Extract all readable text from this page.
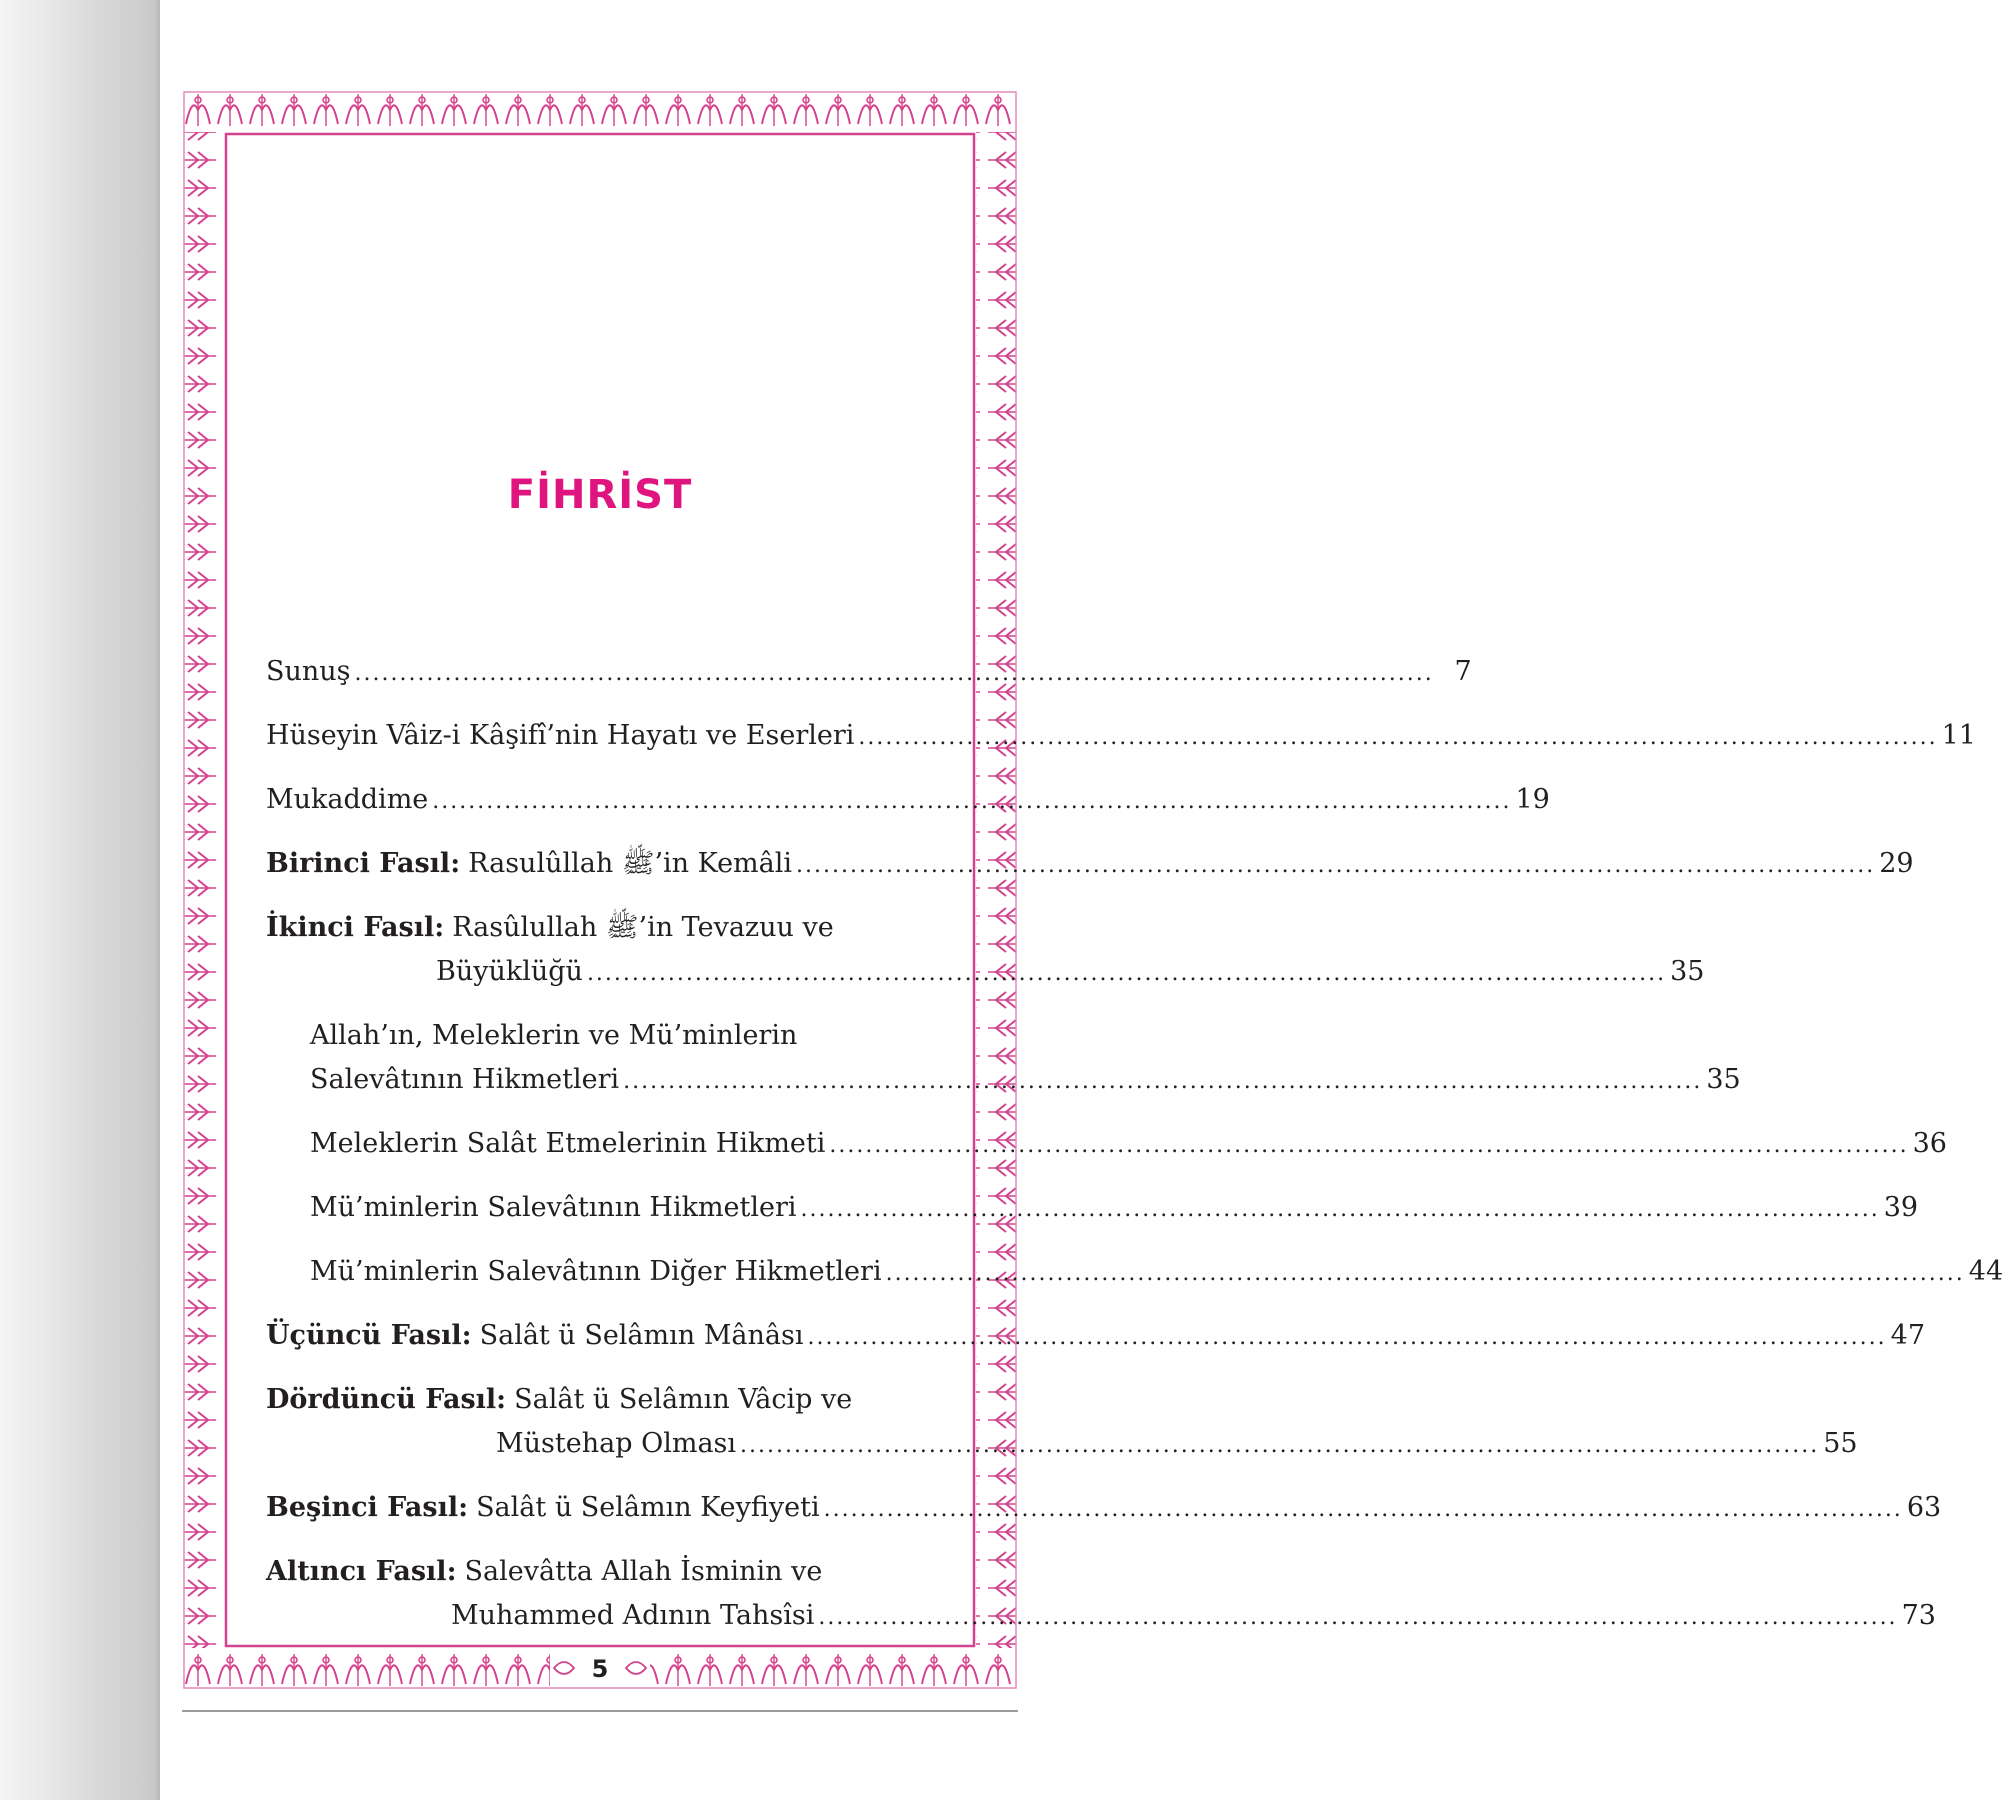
FİHRİST
Sunuş ........................................................................................................................ 7
Hüseyin Vâiz-i Kâşifî’nin Hayatı ve Eserleri ........................................................................................................................ 11
Mukaddime ........................................................................................................................ 19
Birinci Fasıl: Rasulûllah ﷺ’in Kemâli ........................................................................................................................ 29
İkinci Fasıl: Rasûlullah ﷺ’in Tevazuu ve
Büyüklüğü ........................................................................................................................ 35
Allah’ın, Meleklerin ve Mü’minlerin
Salevâtının Hikmetleri ........................................................................................................................ 35
Meleklerin Salât Etmelerinin Hikmeti ........................................................................................................................ 36
Mü’minlerin Salevâtının Hikmetleri ........................................................................................................................ 39
Mü’minlerin Salevâtının Diğer Hikmetleri ........................................................................................................................ 44
Üçüncü Fasıl: Salât ü Selâmın Mânâsı ........................................................................................................................ 47
Dördüncü Fasıl: Salât ü Selâmın Vâcip ve
Müstehap Olması ........................................................................................................................ 55
Beşinci Fasıl: Salât ü Selâmın Keyfiyeti ........................................................................................................................ 63
Altıncı Fasıl: Salevâtta Allah İsminin ve
Muhammed Adının Tahsîsi ........................................................................................................................ 73
5
